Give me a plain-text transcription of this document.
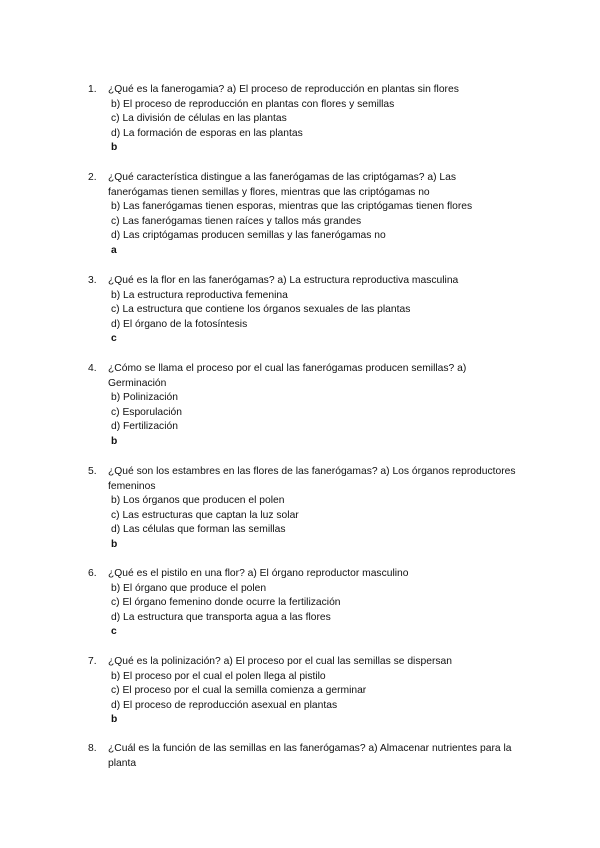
1.	¿Qué es la fanerogamia? a) El proceso de reproducción en plantas sin flores
b) El proceso de reproducción en plantas con flores y semillas
c) La división de células en las plantas
d) La formación de esporas en las plantas
b
2.	¿Qué característica distingue a las fanerógamas de las criptógamas? a) Las fanerógamas tienen semillas y flores, mientras que las criptógamas no
b) Las fanerógamas tienen esporas, mientras que las criptógamas tienen flores
c) Las fanerógamas tienen raíces y tallos más grandes
d) Las criptógamas producen semillas y las fanerógamas no
a
3.	¿Qué es la flor en las fanerógamas? a) La estructura reproductiva masculina
b) La estructura reproductiva femenina
c) La estructura que contiene los órganos sexuales de las plantas
d) El órgano de la fotosíntesis
c
4.	¿Cómo se llama el proceso por el cual las fanerógamas producen semillas? a) Germinación
b) Polinización
c) Esporulación
d) Fertilización
b
5.	¿Qué son los estambres en las flores de las fanerógamas? a) Los órganos reproductores femeninos
b) Los órganos que producen el polen
c) Las estructuras que captan la luz solar
d) Las células que forman las semillas
b
6.	¿Qué es el pistilo en una flor? a) El órgano reproductor masculino
b) El órgano que produce el polen
c) El órgano femenino donde ocurre la fertilización
d) La estructura que transporta agua a las flores
c
7.	¿Qué es la polinización? a) El proceso por el cual las semillas se dispersan
b) El proceso por el cual el polen llega al pistilo
c) El proceso por el cual la semilla comienza a germinar
d) El proceso de reproducción asexual en plantas
b
8.	¿Cuál es la función de las semillas en las fanerógamas? a) Almacenar nutrientes para la planta
